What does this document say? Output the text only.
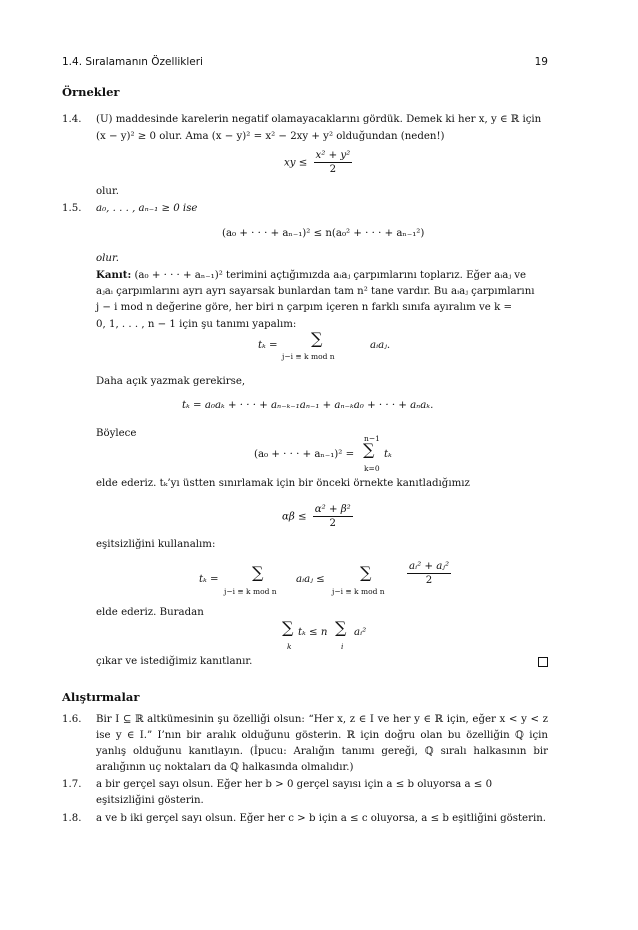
1.4. Sıralamanın Özellikleri	19
Örnekler
1.4. (U) maddesinde karelerin negatif olamayacaklarını gördük. Demek ki her x, y ∈ ℝ için
(x − y)² ≥ 0 olur. Ama (x − y)² = x² − 2xy + y² olduğundan (neden!)
xy ≤ $\frac{\text{x² + y²}}{2}$
olur.
1.5. a₀, . . . , aₙ₋₁ ≥ 0 ise
(a₀ + · · · + aₙ₋₁)² ≤ n(a₀² + · · · + aₙ₋₁²)
olur.
Kanıt: (a₀ + · · · + aₙ₋₁)² terimini açtığımızda aᵢaⱼ çarpımlarını toplarız. Eğer aᵢaⱼ ve
aⱼaᵢ çarpımlarını ayrı ayrı sayarsak bunlardan tam n² tane vardır. Bu aᵢaⱼ çarpımlarını
j − i mod n değerine göre, her biri n çarpım içeren n farklı sınıfa ayıralım ve k =
0, 1, . . . , n − 1 için şu tanımı yapalım:
tₖ = ∑
j−i ≡ k mod n
aᵢaⱼ.
Daha açık yazmak gerekirse,
tₖ = a₀aₖ + · · · + aₙ₋ₖ₋₁aₙ₋₁ + aₙ₋ₖa₀ + · · · + aₙaₖ.
Böylece
(a₀ + · · · + aₙ₋₁)² =
n−1
∑
k=0
tₖ
elde ederiz. tₖ’yı üstten sınırlamak için bir önceki örnekte kanıtladığımız
$\alpha\beta \le \frac{\text{α² + β²}}{2}$
eşitsizliğini kullanalım:
tₖ = ∑
j−i ≡ k mod n
aᵢaⱼ ≤ ∑
j−i ≡ k mod n
$\frac{\text{aᵢ² + aⱼ²}}{2}$
elde ederiz. Buradan
∑
k
tₖ ≤ n ∑
i
aᵢ²
çıkar ve istediğimiz kanıtlanır.
Alıştırmalar
1.6. Bir I ⊆ ℝ altkümesinin şu özelliği olsun: “Her x, z ∈ I ve her y ∈ ℝ için, eğer x < y < z ise y ∈ I.” I’nın bir aralık olduğunu gösterin. ℝ için doğru olan bu özelliğin ℚ için yanlış olduğunu kanıtlayın. (İpucu: Aralığın tanımı gereği, ℚ sıralı halkasının bir aralığının uç noktaları da ℚ halkasında olmalıdır.)
1.7. a bir gerçel sayı olsun. Eğer her b > 0 gerçel sayısı için a ≤ b oluyorsa a ≤ 0 eşitsizliğini gösterin.
1.8. a ve b iki gerçel sayı olsun. Eğer her c > b için a ≤ c oluyorsa, a ≤ b eşitliğini gösterin.
